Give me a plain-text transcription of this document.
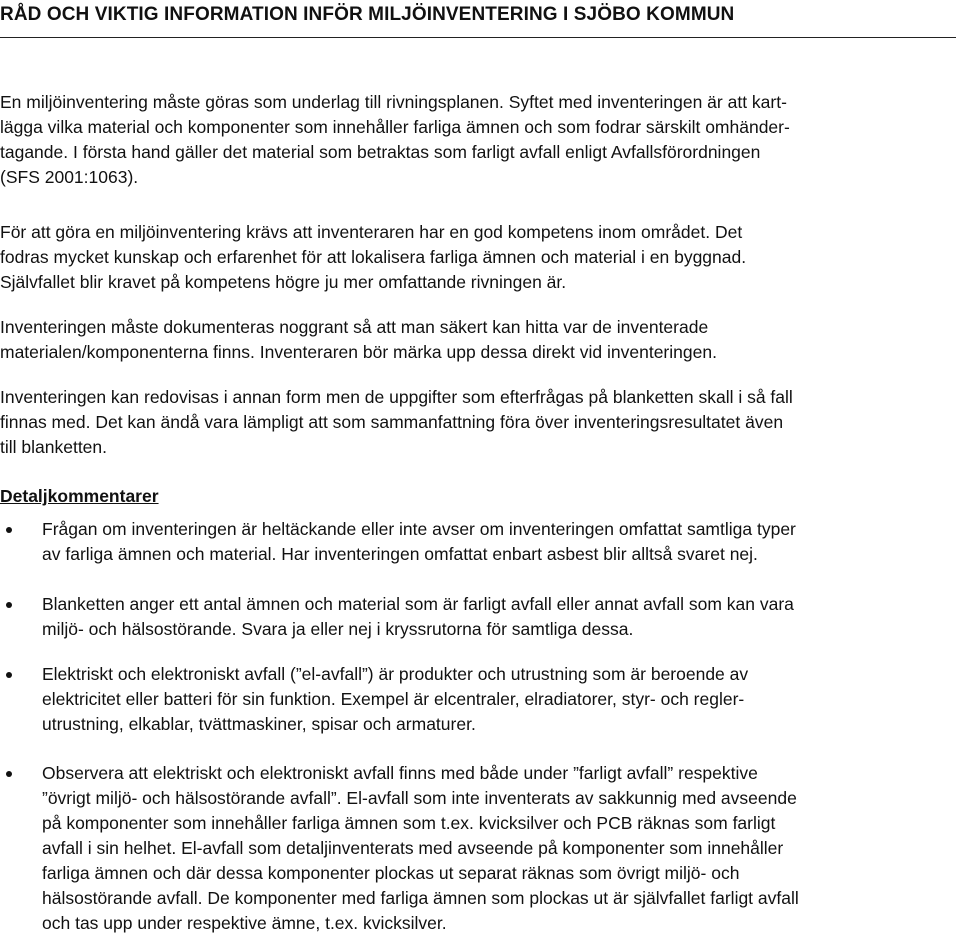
RÅD OCH VIKTIG INFORMATION INFÖR MILJÖINVENTERING I SJÖBO KOMMUN
En miljöinventering måste göras som underlag till rivningsplanen. Syftet med inventeringen är att kart-
lägga vilka material och komponenter som innehåller farliga ämnen och som fodrar särskilt omhänder-
tagande. I första hand gäller det material som betraktas som farligt avfall enligt Avfallsförordningen
(SFS 2001:1063).
För att göra en miljöinventering krävs att inventeraren har en god kompetens inom området. Det
fodras mycket kunskap och erfarenhet för att lokalisera farliga ämnen och material i en byggnad.
Självfallet blir kravet på kompetens högre ju mer omfattande rivningen är.
Inventeringen måste dokumenteras noggrant så att man säkert kan hitta var de inventerade
materialen/komponenterna finns. Inventeraren bör märka upp dessa direkt vid inventeringen.
Inventeringen kan redovisas i annan form men de uppgifter som efterfrågas på blanketten skall i så fall
finnas med. Det kan ändå vara lämpligt att som sammanfattning föra över inventeringsresultatet även
till blanketten.
Detaljkommentarer
Frågan om inventeringen är heltäckande eller inte avser om inventeringen omfattat samtliga typer
av farliga ämnen och material. Har inventeringen omfattat enbart asbest blir alltså svaret nej.
Blanketten anger ett antal ämnen och material som är farligt avfall eller annat avfall som kan vara
miljö- och hälsostörande. Svara ja eller nej i kryssrutorna för samtliga dessa.
Elektriskt och elektroniskt avfall (”el-avfall”) är produkter och utrustning som är beroende av
elektricitet eller batteri för sin funktion. Exempel är elcentraler, elradiatorer, styr- och regler-
utrustning, elkablar, tvättmaskiner, spisar och armaturer.
Observera att elektriskt och elektroniskt avfall finns med både under ”farligt avfall” respektive
”övrigt miljö- och hälsostörande avfall”. El-avfall som inte inventerats av sakkunnig med avseende
på komponenter som innehåller farliga ämnen som t.ex. kvicksilver och PCB räknas som farligt
avfall i sin helhet. El-avfall som detaljinventerats med avseende på komponenter som innehåller
farliga ämnen och där dessa komponenter plockas ut separat räknas som övrigt miljö- och
hälsostörande avfall. De komponenter med farliga ämnen som plockas ut är självfallet farligt avfall
och tas upp under respektive ämne, t.ex. kvicksilver.
